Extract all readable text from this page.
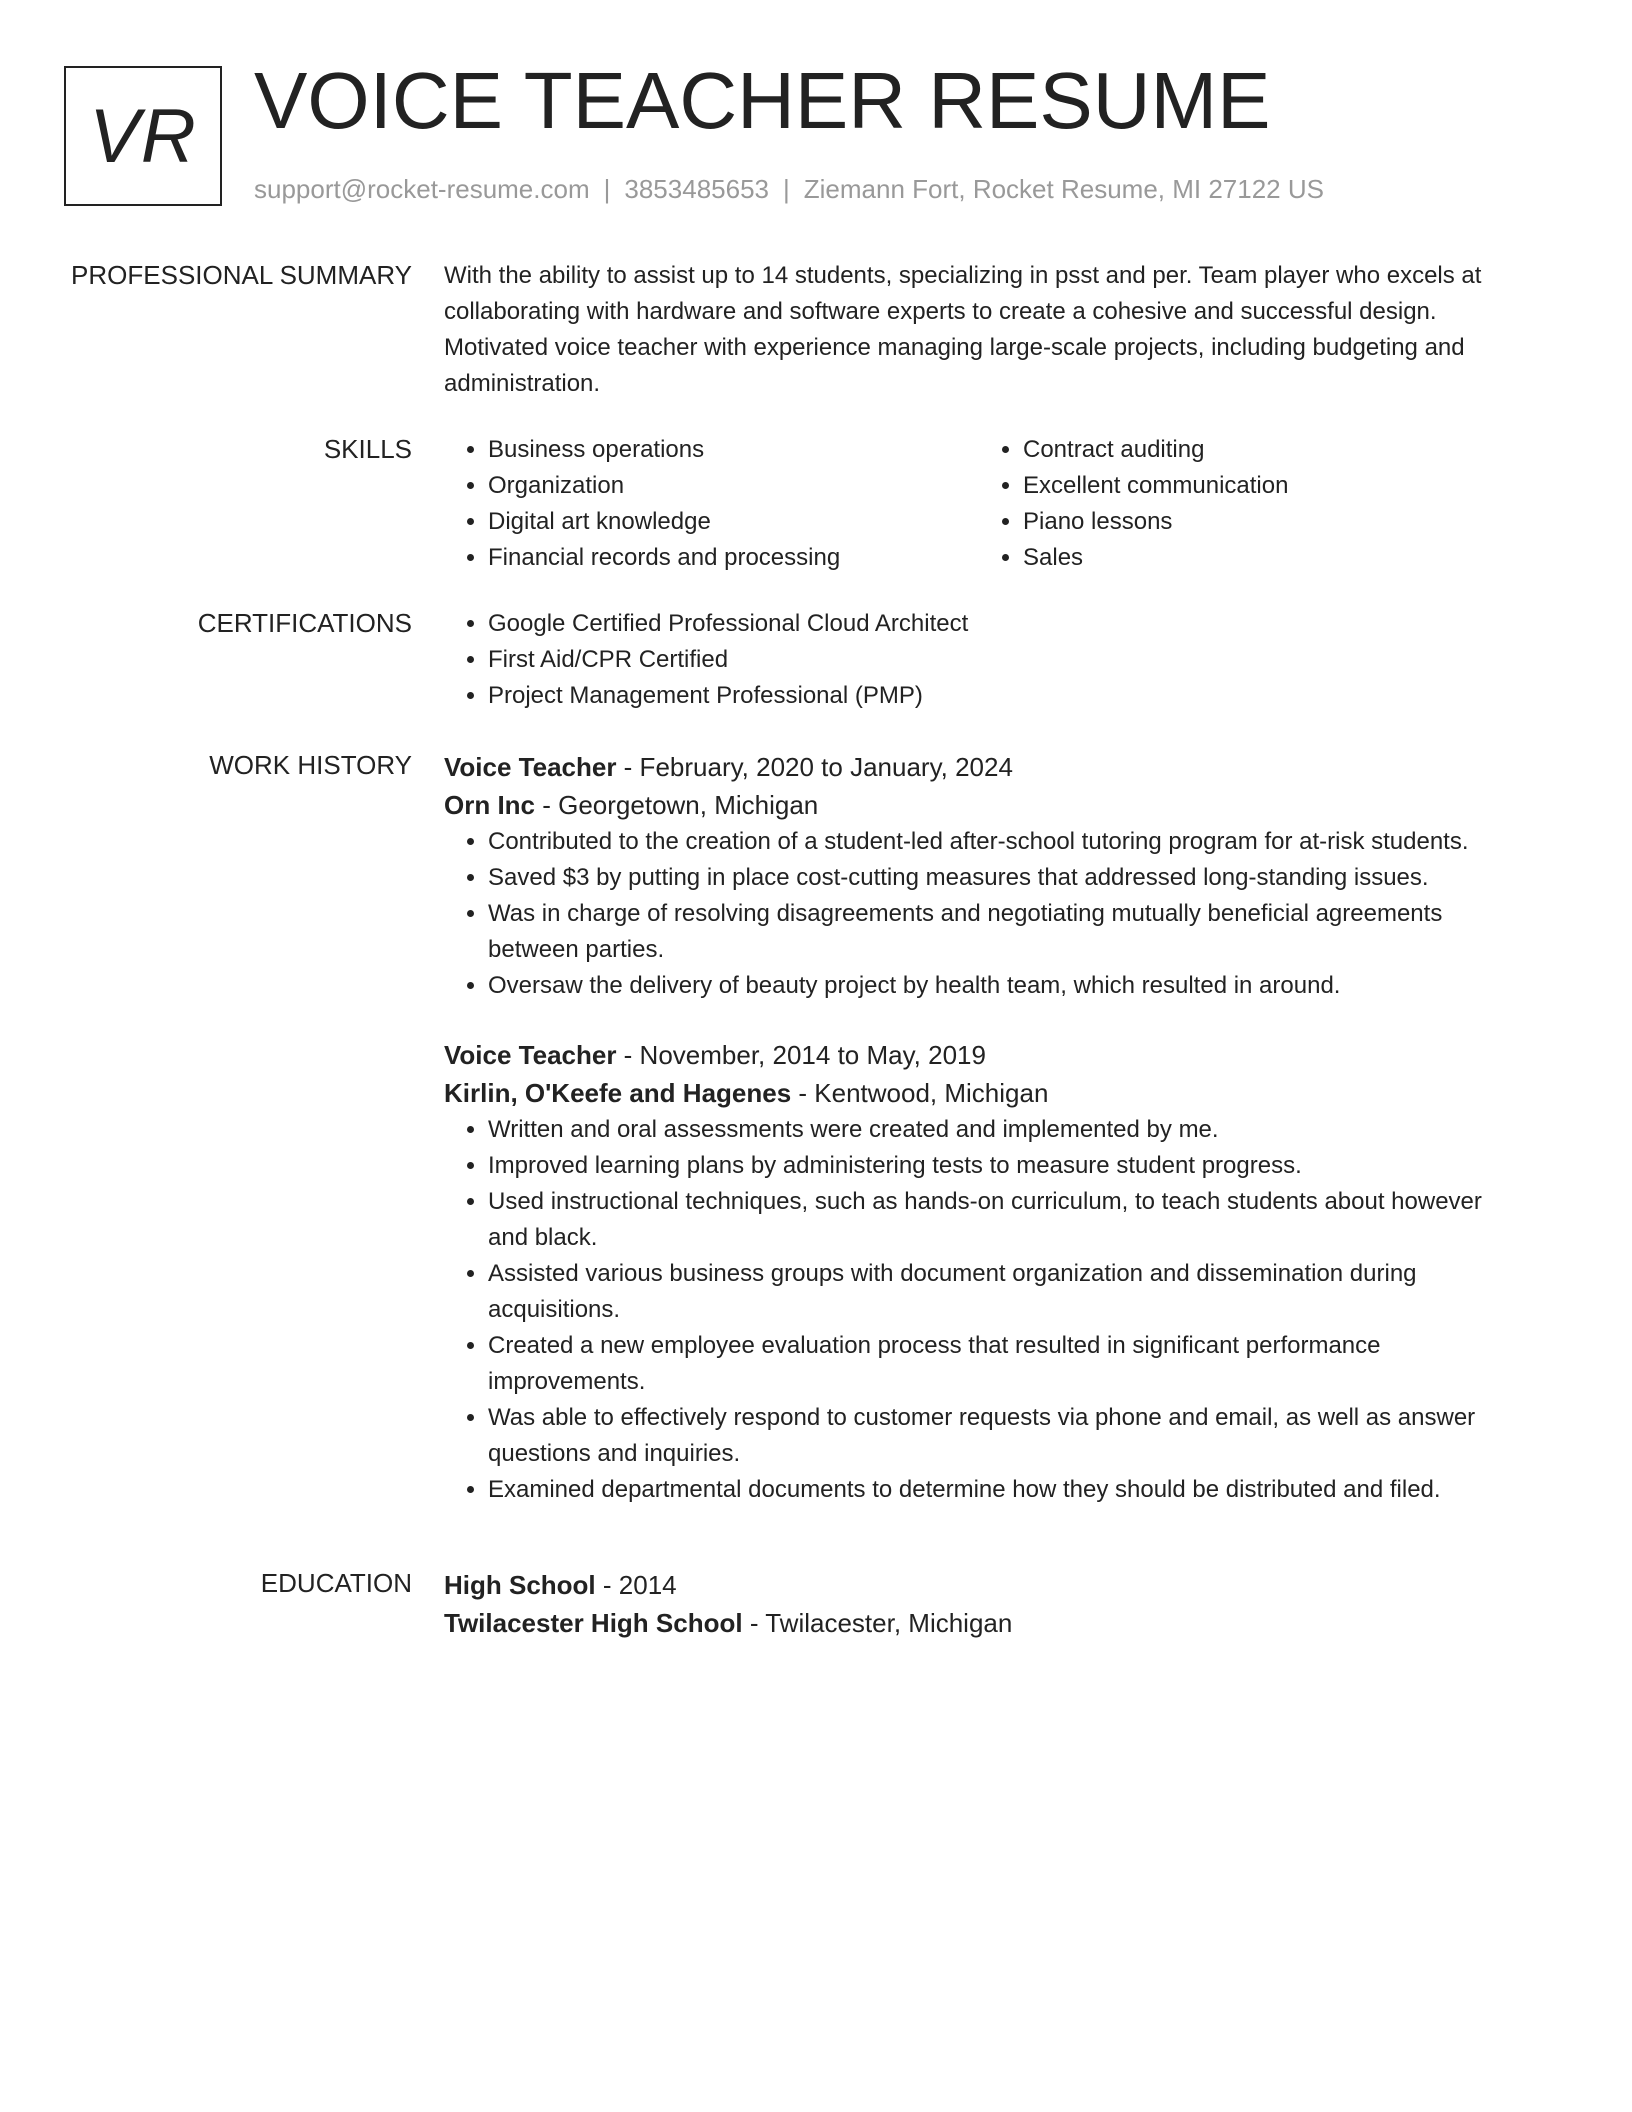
VR VOICE TEACHER RESUME
support@rocket-resume.com | 3853485653 | Ziemann Fort, Rocket Resume, MI 27122 US
PROFESSIONAL SUMMARY With the ability to assist up to 14 students, specializing in psst and per. Team player who excels at collaborating with hardware and software experts to create a cohesive and successful design. Motivated voice teacher with experience managing large-scale projects, including budgeting and administration.

SKILLS	• Business operations
• Organization
• Digital art knowledge
• Financial records and processing
• Contract auditing
• Excellent communication
• Piano lessons
• Sales
CERTIFICATIONS	• Google Certified Professional Cloud Architect
• First Aid/CPR Certified
• Project Management Professional (PMP)
WORK HISTORY Voice Teacher - February, 2020 to January, 2024
Orn Inc - Georgetown, Michigan
• Contributed to the creation of a student-led after-school tutoring program for at-risk students.
• Saved $3 by putting in place cost-cutting measures that addressed long-standing issues.
• Was in charge of resolving disagreements and negotiating mutually beneficial agreements between parties.
• Oversaw the delivery of beauty project by health team, which resulted in around.
Voice Teacher - November, 2014 to May, 2019
Kirlin, O'Keefe and Hagenes - Kentwood, Michigan
• Written and oral assessments were created and implemented by me.
• Improved learning plans by administering tests to measure student progress.
• Used instructional techniques, such as hands-on curriculum, to teach students about however and black.
• Assisted various business groups with document organization and dissemination during acquisitions.
• Created a new employee evaluation process that resulted in significant performance improvements.
• Was able to effectively respond to customer requests via phone and email, as well as answer questions and inquiries.
• Examined departmental documents to determine how they should be distributed and filed.
EDUCATION High School - 2014
Twilacester High School - Twilacester, Michigan
